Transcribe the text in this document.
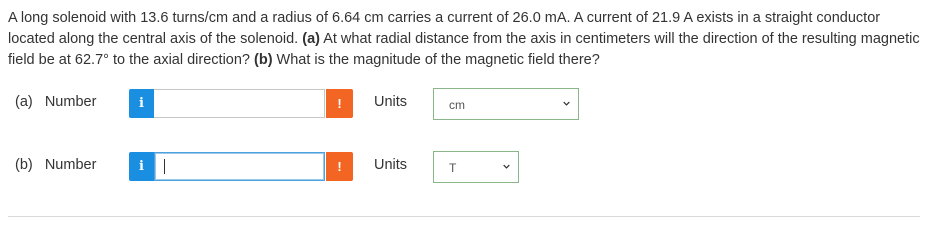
A long solenoid with 13.6 turns/cm and a radius of 6.64 cm carries a current of 26.0 mA. A current of 21.9 A exists in a straight conductor located along the central axis of the solenoid. (a) At what radial distance from the axis in centimeters will the direction of the resulting magnetic field be at 62.7° to the axial direction? (b) What is the magnitude of the magnetic field there?
(a) Number	i	!	Units	cm
(b) Number	i	!	Units	T
